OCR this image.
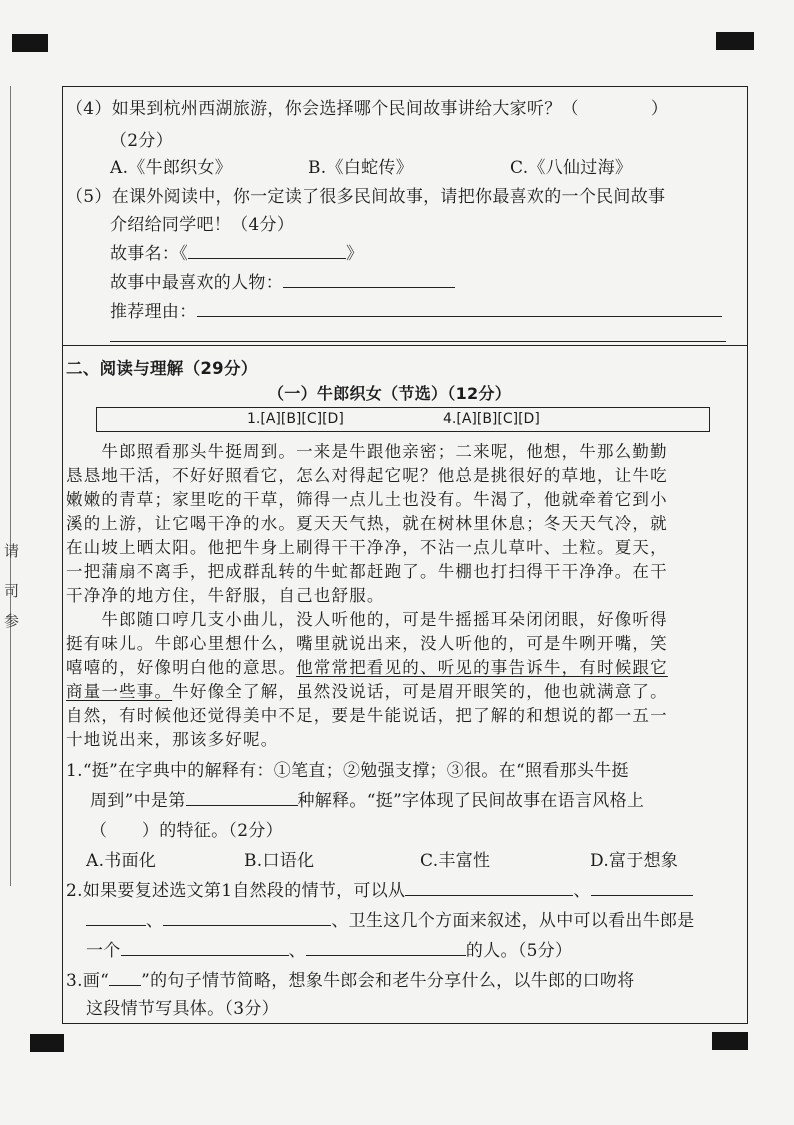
请
司
参
（4）如果到杭州西湖旅游，你会选择哪个民间故事讲给大家听？（	）
（2分）
A.《牛郎织女》	B.《白蛇传》	C.《八仙过海》
（5）在课外阅读中，你一定读了很多民间故事，请把你最喜欢的一个民间故事
介绍给同学吧！（4分）
故事名：《	》
故事中最喜欢的人物：
推荐理由：
二、阅读与理解（29分）
（一）牛郎织女（节选）（12分）
1.[A][B][C][D]	4.[A][B][C][D]
　　牛郎照看那头牛挺周到。一来是牛跟他亲密；二来呢，他想，牛那么勤勤
恳恳地干活，不好好照看它，怎么对得起它呢？他总是挑很好的草地，让牛吃
嫩嫩的青草；家里吃的干草，筛得一点儿土也没有。牛渴了，他就牵着它到小
溪的上游，让它喝干净的水。夏天天气热，就在树林里休息；冬天天气冷，就
在山坡上晒太阳。他把牛身上刷得干干净净，不沾一点儿草叶、土粒。夏天，
一把蒲扇不离手，把成群乱转的牛虻都赶跑了。牛棚也打扫得干干净净。在干
干净净的地方住，牛舒服，自己也舒服。
　　牛郎随口哼几支小曲儿，没人听他的，可是牛摇摇耳朵闭闭眼，好像听得
挺有味儿。牛郎心里想什么，嘴里就说出来，没人听他的，可是牛咧开嘴，笑
嘻嘻的，好像明白他的意思。他常常把看见的、听见的事告诉牛，有时候跟它
商量一些事。牛好像全了解，虽然没说话，可是眉开眼笑的，他也就满意了。
自然，有时候他还觉得美中不足，要是牛能说话，把了解的和想说的都一五一
十地说出来，那该多好呢。
1.“挺”在字典中的解释有：①笔直；②勉强支撑；③很。在“照看那头牛挺
周到”中是第	种解释。“挺”字体现了民间故事在语言风格上
（　　）的特征。（2分）
A.书面化	B.口语化	C.丰富性	D.富于想象
2.如果要复述选文第1自然段的情节，可以从	、
、	、卫生这几个方面来叙述，从中可以看出牛郎是
一个	、	的人。（5分）
3.画“ ”的句子情节简略，想象牛郎会和老牛分享什么，以牛郎的口吻将
这段情节写具体。（3分）
